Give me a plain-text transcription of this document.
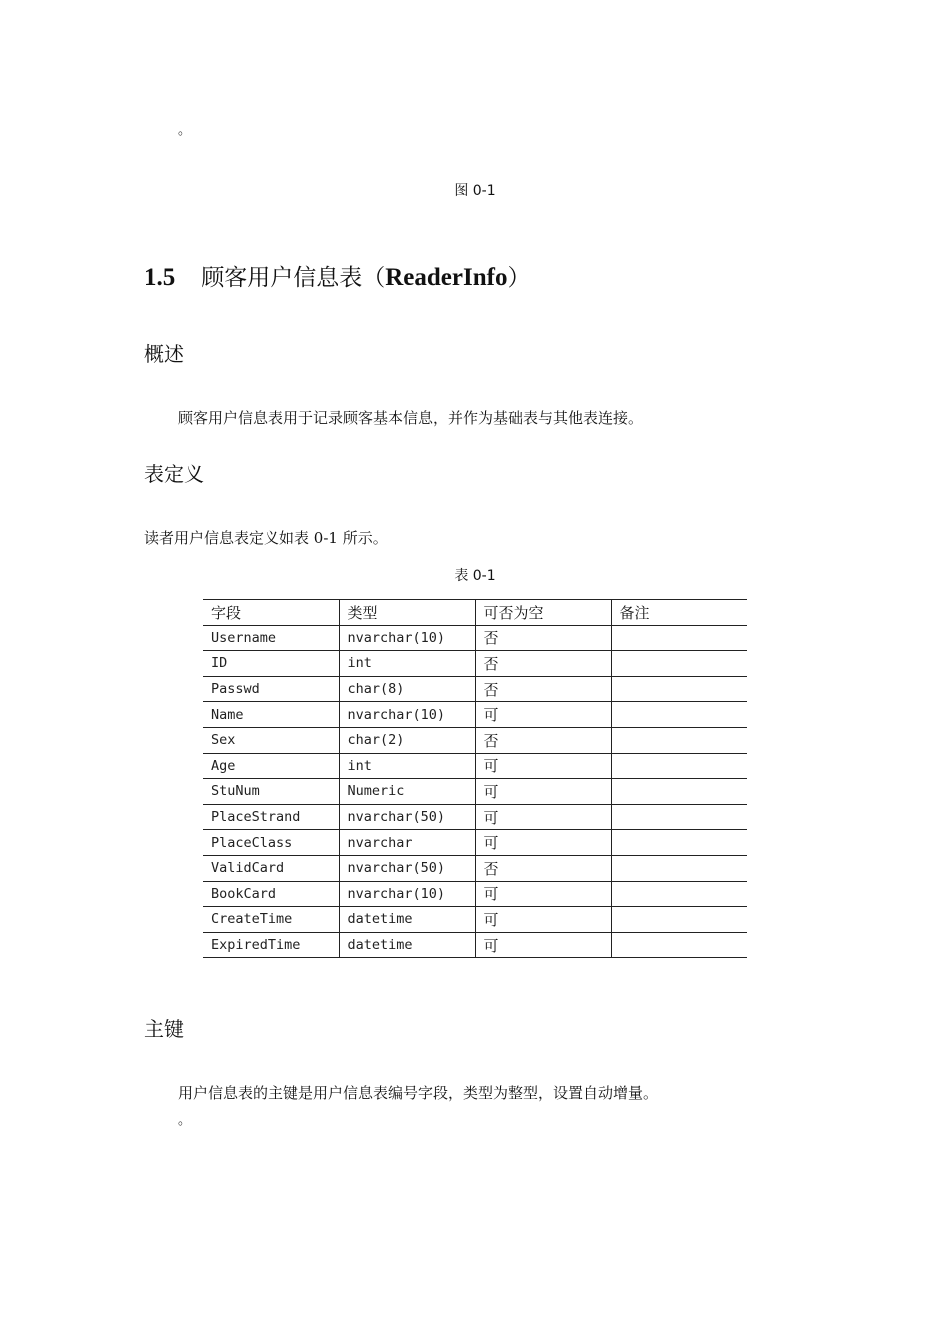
。
图 0-1
1.5 顾客用户信息表（ReaderInfo）
概述
顾客用户信息表用于记录顾客基本信息，并作为基础表与其他表连接。
表定义
读者用户信息表定义如表 0-1 所示。
表 0-1
字段	类型	可否为空	备注
Username	nvarchar(10)	否	
ID	int	否	
Passwd	char(8)	否	
Name	nvarchar(10)	可	
Sex	char(2)	否	
Age	int	可	
StuNum	Numeric	可	
PlaceStrand	nvarchar(50)	可	
PlaceClass	nvarchar	可	
ValidCard	nvarchar(50)	否	
BookCard	nvarchar(10)	可	
CreateTime	datetime	可	
ExpiredTime	datetime	可	
主键
用户信息表的主键是用户信息表编号字段，类型为整型，设置自动增量。
。
